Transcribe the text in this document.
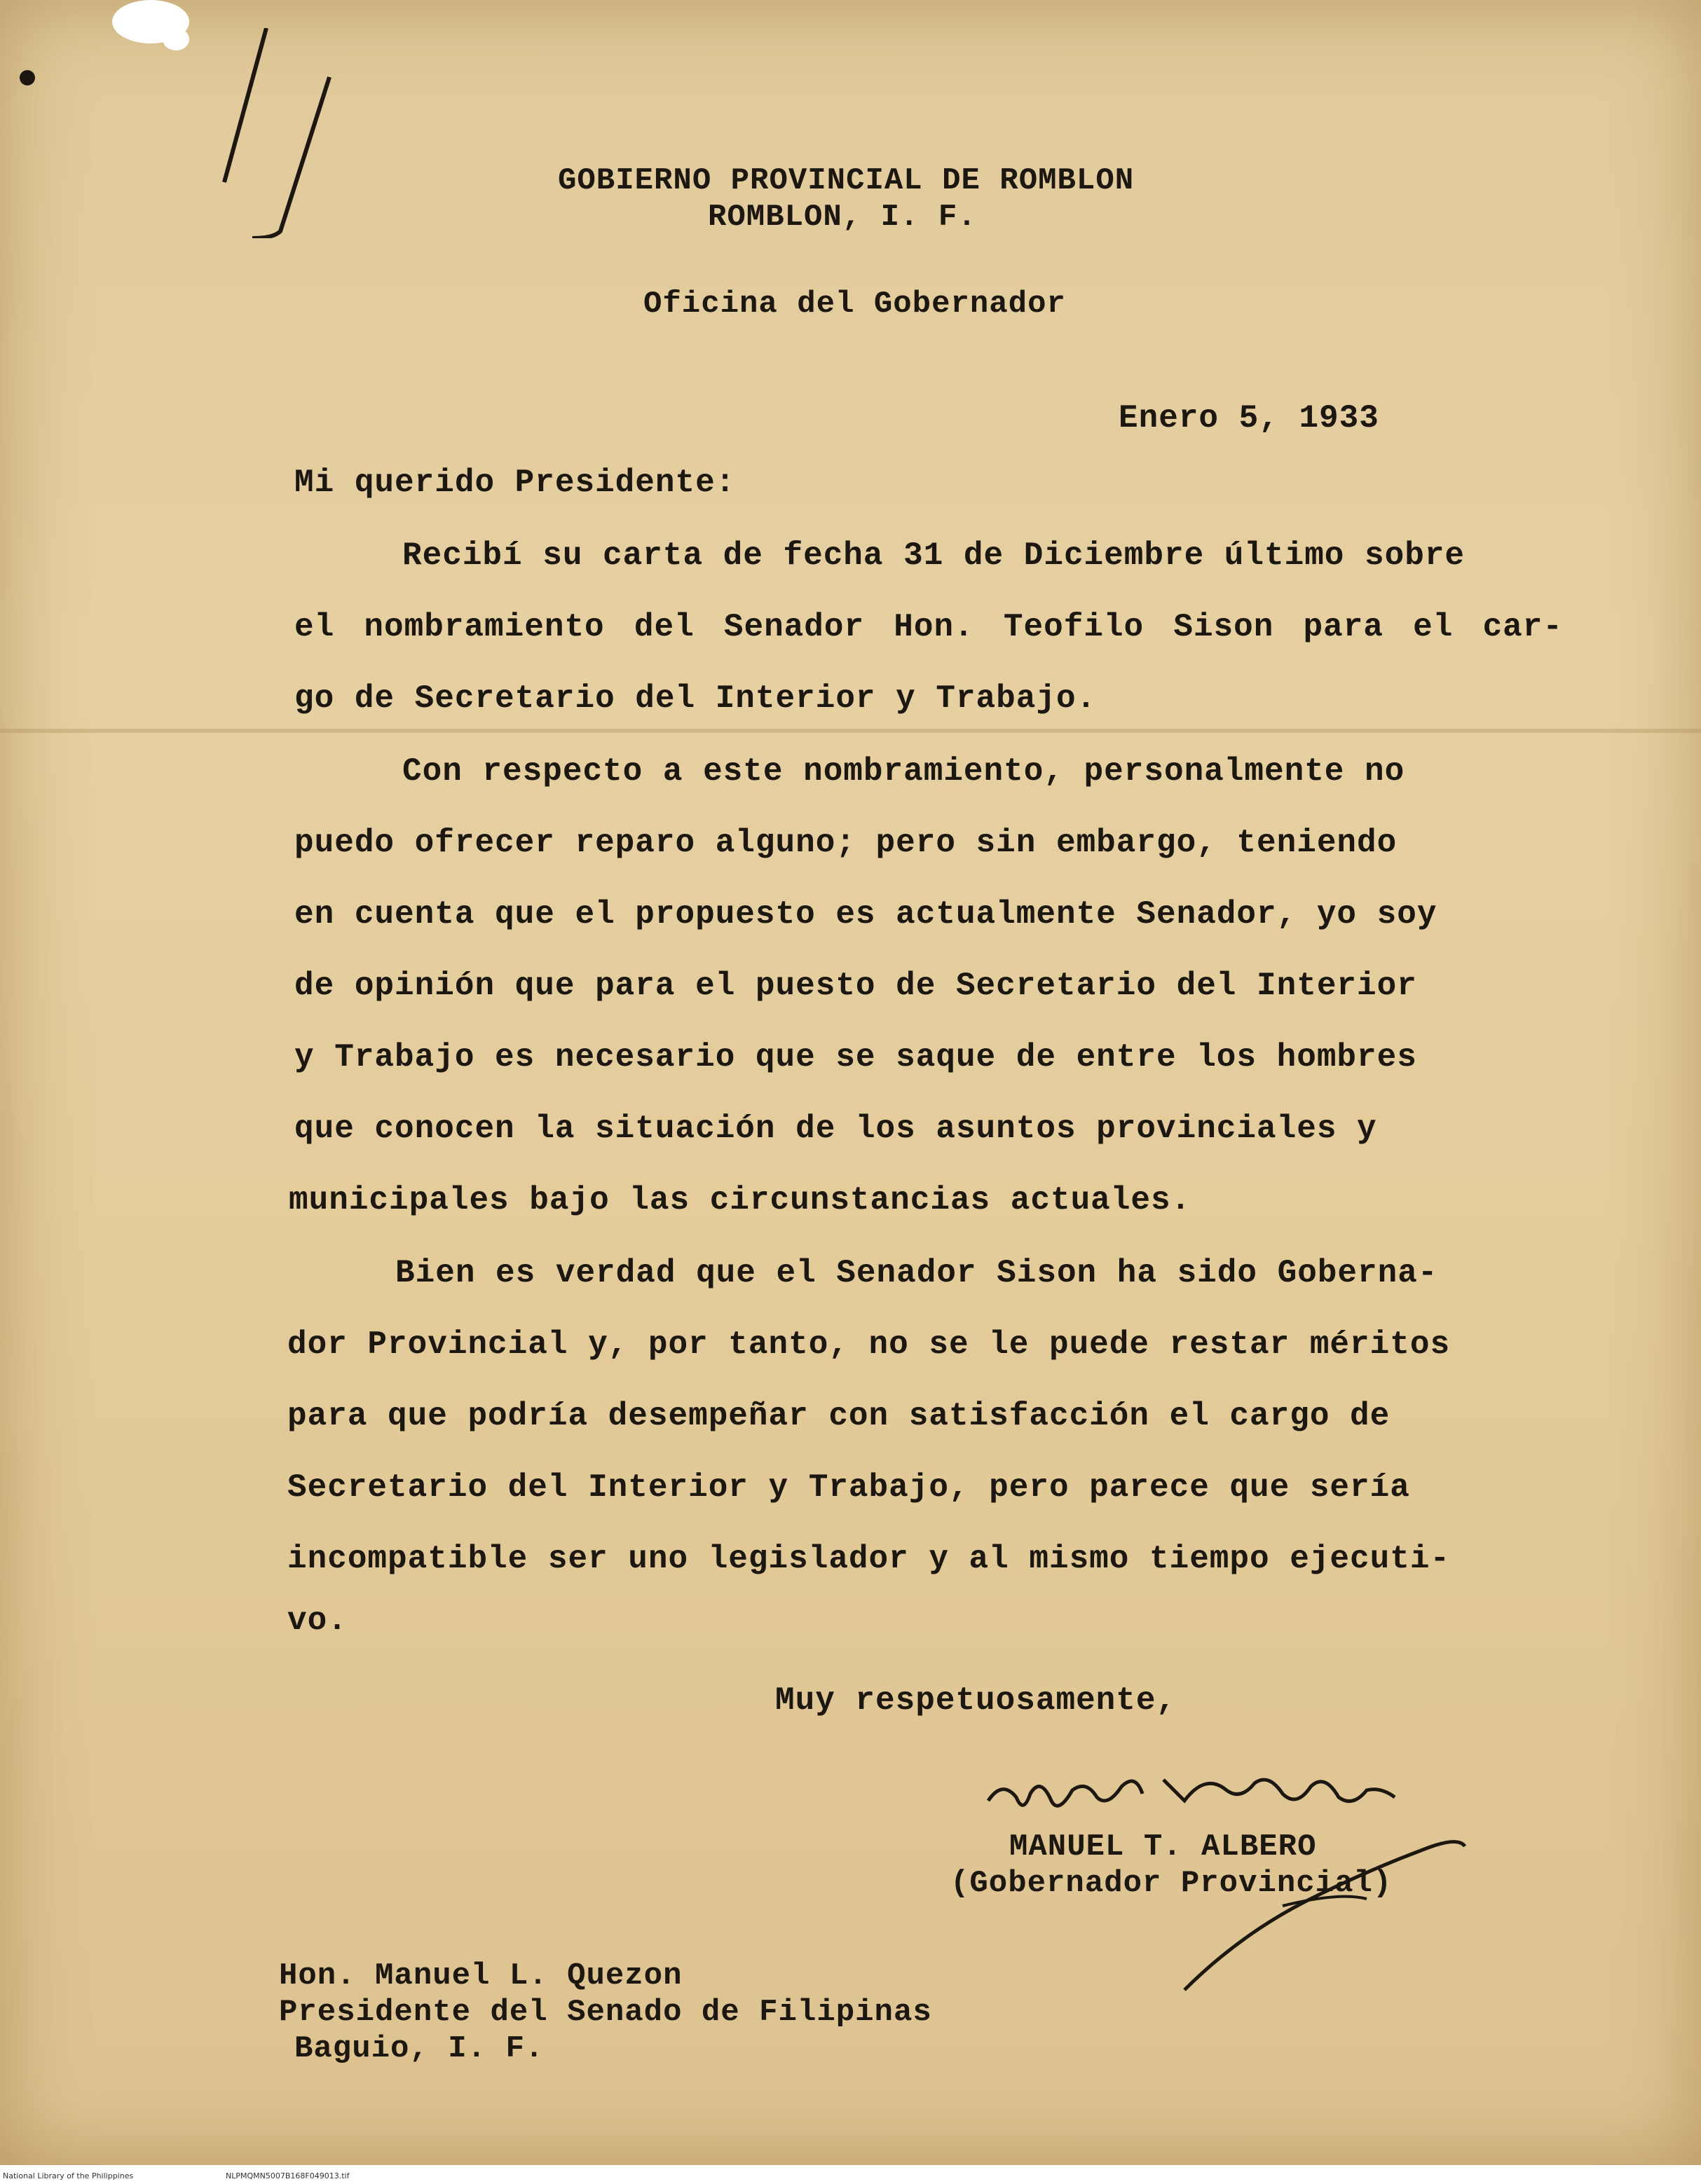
GOBIERNO PROVINCIAL DE ROMBLON
ROMBLON, I. F.
Oficina del Gobernador
Enero 5, 1933
Mi querido Presidente:
Recibí su carta de fecha 31 de Diciembre último sobre
el nombramiento del Senador Hon. Teofilo Sison para el car-
go de Secretario del Interior y Trabajo.
Con respecto a este nombramiento, personalmente no
puedo ofrecer reparo alguno; pero sin embargo, teniendo
en cuenta que el propuesto es actualmente Senador, yo soy
de opinión que para el puesto de Secretario del Interior
y Trabajo es necesario que se saque de entre los hombres
que conocen la situación de los asuntos provinciales y
municipales bajo las circunstancias actuales.
Bien es verdad que el Senador Sison ha sido Goberna-
dor Provincial y, por tanto, no se le puede restar méritos
para que podría desempeñar con satisfacción el cargo de
Secretario del Interior y Trabajo, pero parece que sería
incompatible ser uno legislador y al mismo tiempo ejecuti-
vo.
Muy respetuosamente,
MANUEL T. ALBERO
(Gobernador Provincial)
Hon. Manuel L. Quezon
Presidente del Senado de Filipinas
Baguio, I. F.
National Library of the Philippines	NLPMQMN5007B168F049013.tif
